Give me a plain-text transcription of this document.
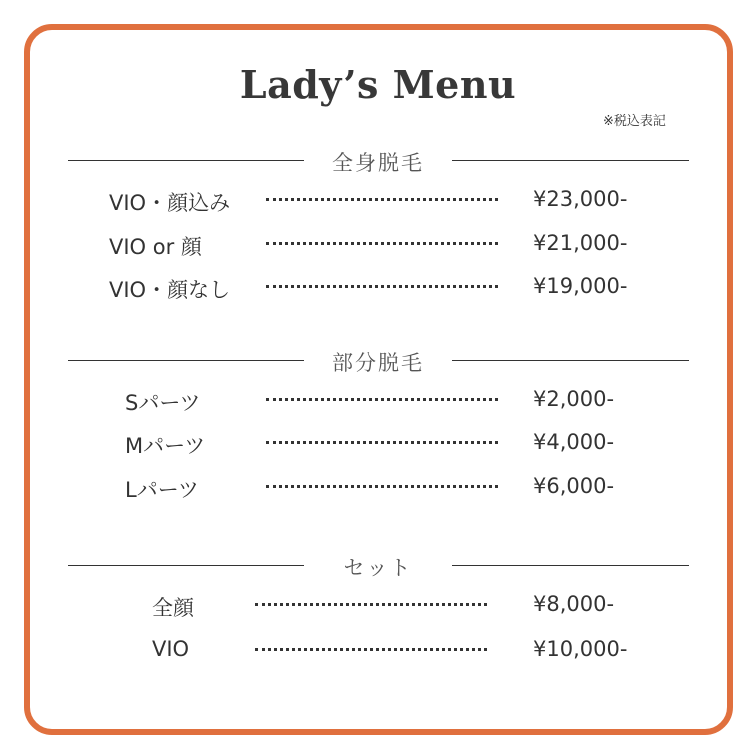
Lady’s Menu
※税込表記
全身脱毛
VIO・顔込み	¥23,000-
VIO or 顔	¥21,000-
VIO・顔なし	¥19,000-
部分脱毛
Sパーツ	¥2,000-
Mパーツ	¥4,000-
Lパーツ	¥6,000-
セット
全顔	¥8,000-
VIO	¥10,000-
